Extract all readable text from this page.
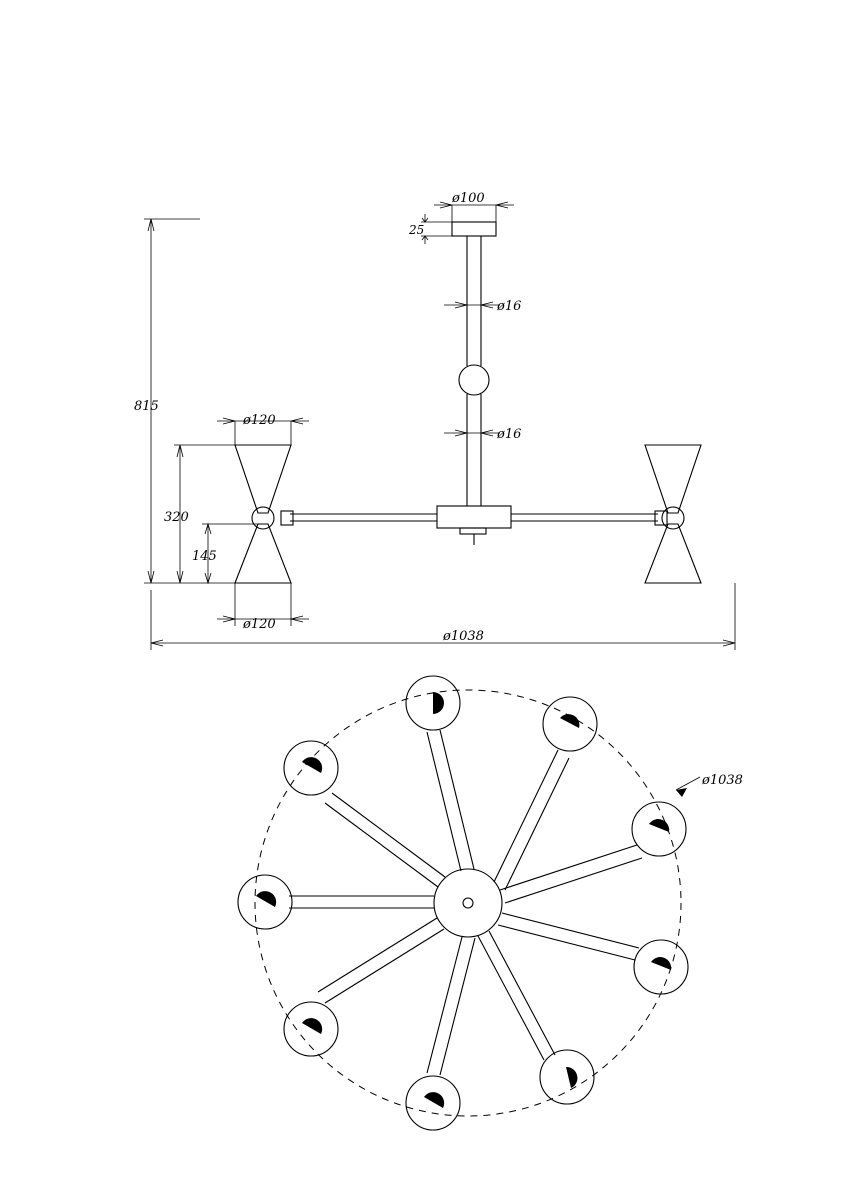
ø100
25
ø16
ø16
815
320
145
ø120
ø120
ø1038
ø1038
